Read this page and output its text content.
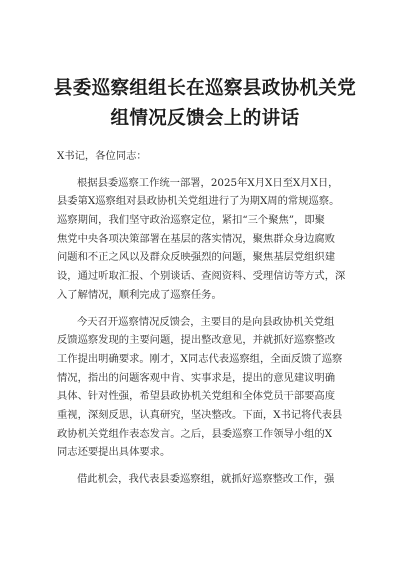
县委巡察组组长在巡察县政协机关党
组情况反馈会上的讲话
X书记，各位同志：
根据县委巡察工作统一部署，2025年X月X日至X月X日，
县委第X巡察组对县政协机关党组进行了为期X周的常规巡察。
巡察期间，我们坚守政治巡察定位，紧扣“三个聚焦”，即聚
焦党中央各项决策部署在基层的落实情况，聚焦群众身边腐败
问题和不正之风以及群众反映强烈的问题，聚焦基层党组织建
设，通过听取汇报、个别谈话、查阅资料、受理信访等方式，深
入了解情况，顺利完成了巡察任务。
今天召开巡察情况反馈会，主要目的是向县政协机关党组
反馈巡察发现的主要问题，提出整改意见，并就抓好巡察整改
工作提出明确要求。刚才，X同志代表巡察组，全面反馈了巡察
情况，指出的问题客观中肯、实事求是，提出的意见建议明确
具体、针对性强，希望县政协机关党组和全体党员干部要高度
重视，深刻反思，认真研究，坚决整改。下面，X书记将代表县
政协机关党组作表态发言。之后，县委巡察工作领导小组的X
同志还要提出具体要求。
借此机会，我代表县委巡察组，就抓好巡察整改工作，强
